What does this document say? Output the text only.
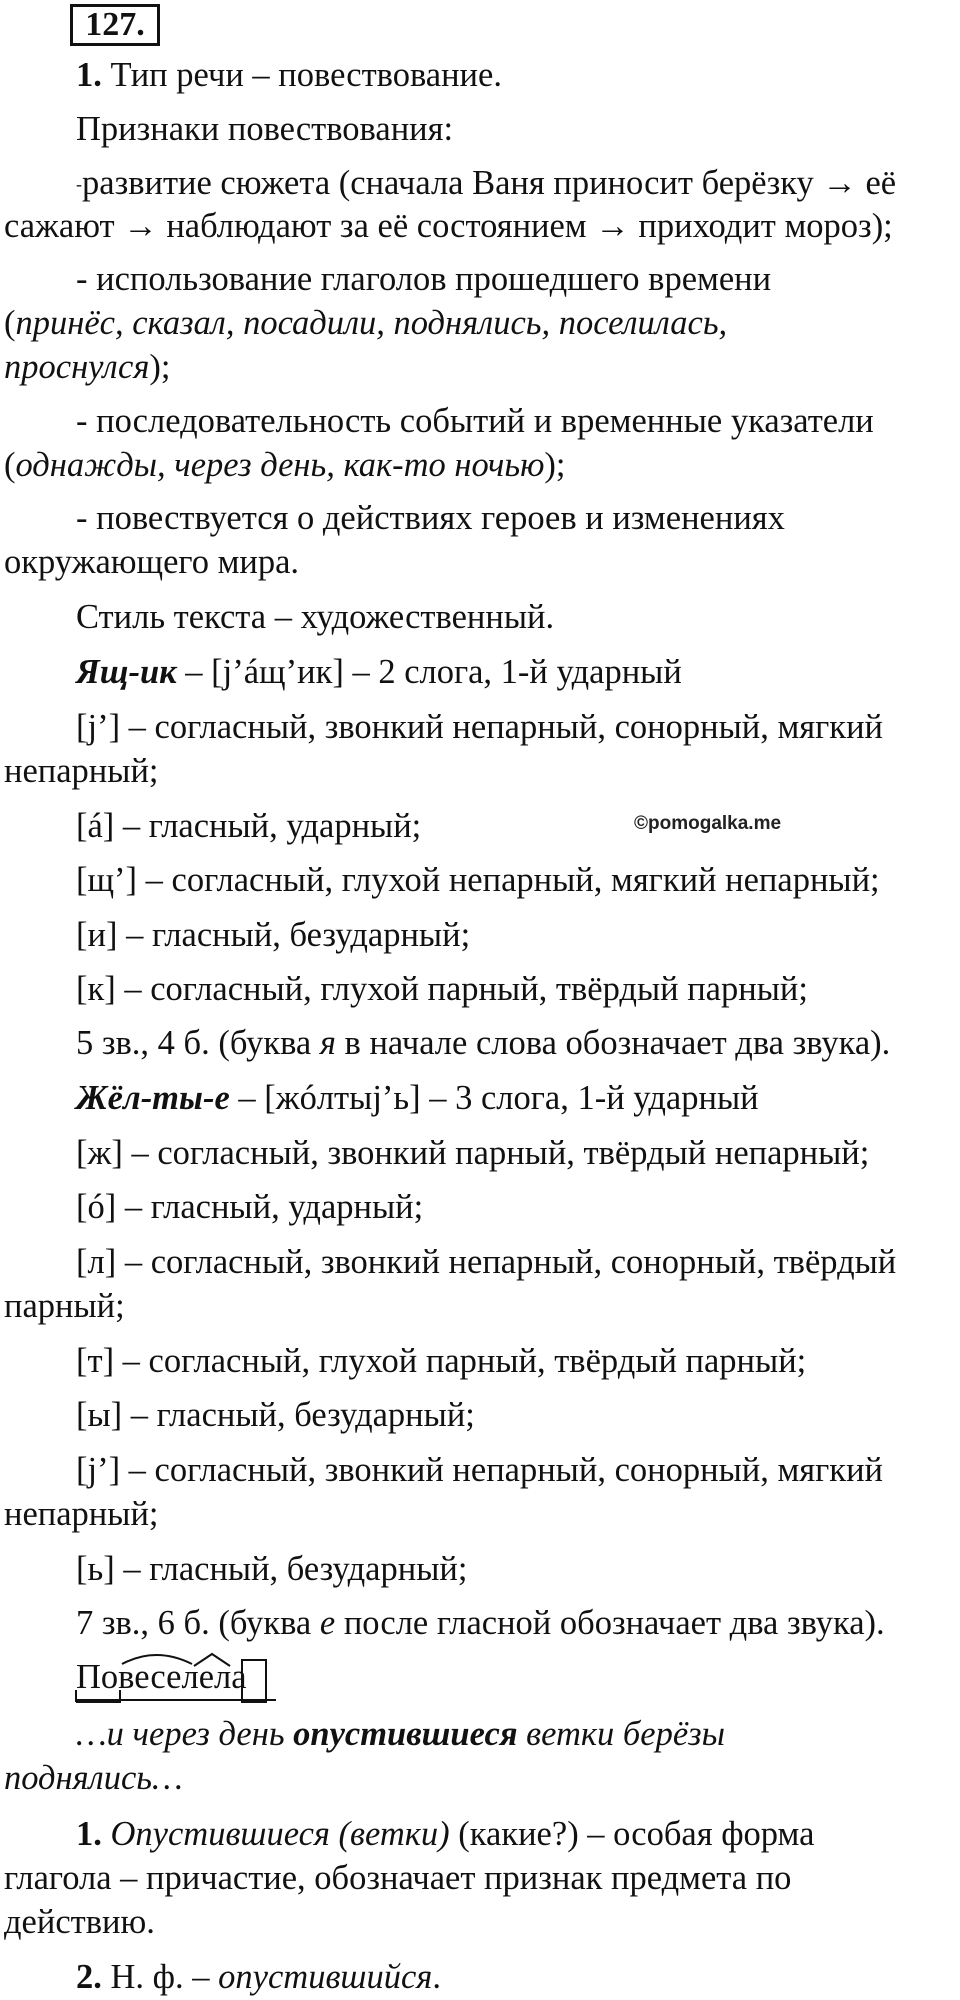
127.
1. Тип речи – повествование.
Признаки повествования:
-развитие сюжета (сначала Ваня приносит берёзку → её
сажают → наблюдают за её состоянием → приходит мороз);
- использование глаголов прошедшего времени
(принёс, сказал, посадили, поднялись, поселилась,
проснулся);
- последовательность событий и временные указатели
(однажды, через день, как-то ночью);
- повествуется о действиях героев и изменениях
окружающего мира.
Стиль текста – художественный.
Ящ-ик – [j’áщ’ик] – 2 слога, 1-й ударный
[j’] – согласный, звонкий непарный, сонорный, мягкий
непарный;
[á] – гласный, ударный;	©pomogalka.me
[щ’] – согласный, глухой непарный, мягкий непарный;
[и] – гласный, безударный;
[к] – согласный, глухой парный, твёрдый парный;
5 зв., 4 б. (буква я в начале слова обозначает два звука).
Жёл-ты-е – [жóлтыj’ь] – 3 слога, 1-й ударный
[ж] – согласный, звонкий парный, твёрдый непарный;
[ó] – гласный, ударный;
[л] – согласный, звонкий непарный, сонорный, твёрдый
парный;
[т] – согласный, глухой парный, твёрдый парный;
[ы] – гласный, безударный;
[j’] – согласный, звонкий непарный, сонорный, мягкий
непарный;
[ь] – гласный, безударный;
7 зв., 6 б. (буква е после гласной обозначает два звука).
Повеселела
…и через день опустившиеся ветки берёзы
поднялись…
1. Опустившиеся (ветки) (какие?) – особая форма
глагола – причастие, обозначает признак предмета по
действию.
2. Н. ф. – опустившийся.
